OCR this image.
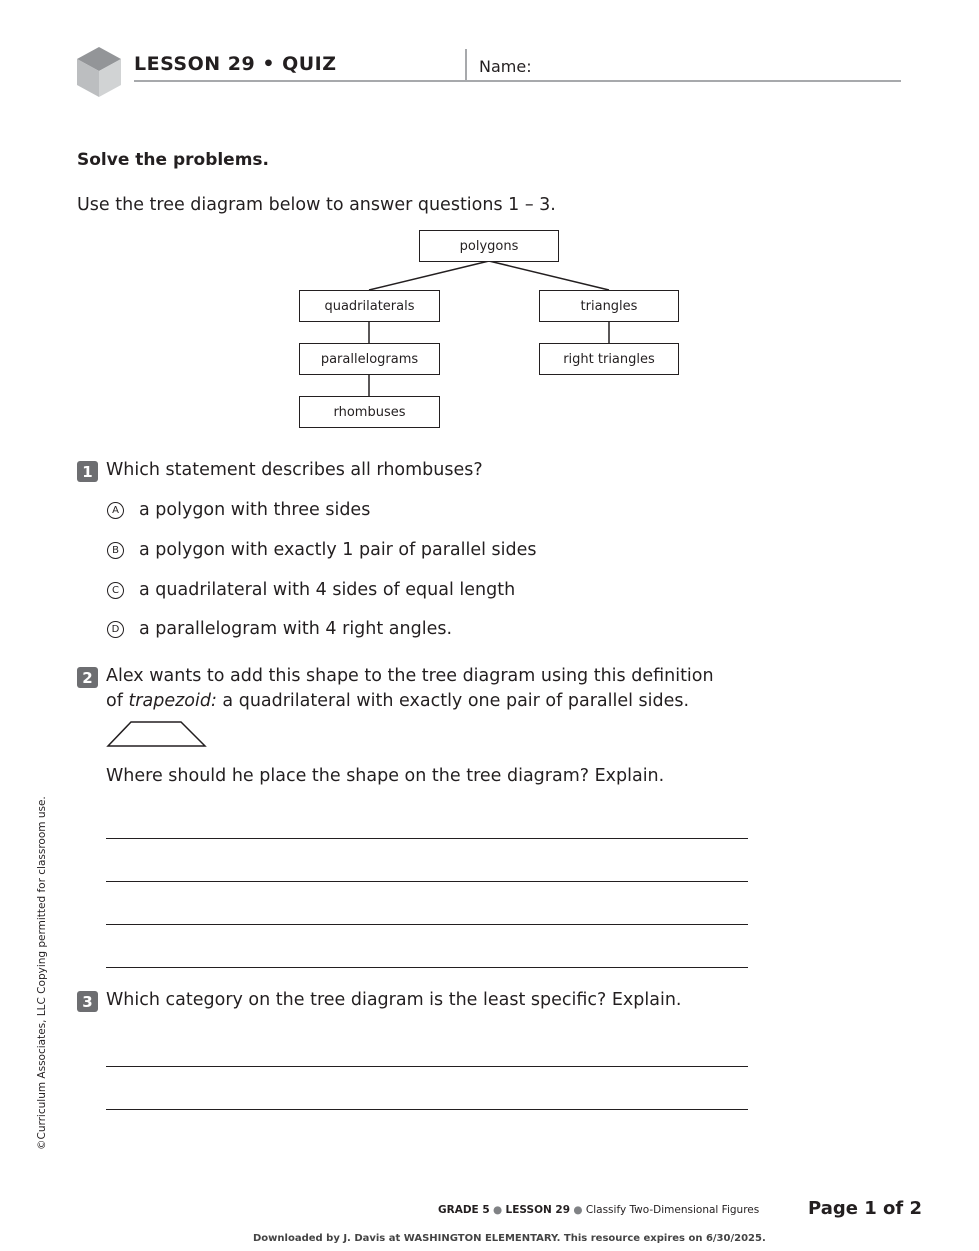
LESSON 29 • QUIZ	Name:
Solve the problems.
Use the tree diagram below to answer questions 1 – 3.
polygons
quadrilaterals	triangles
parallelograms	right triangles
rhombuses
1 Which statement describes all rhombuses?
A a polygon with three sides
B a polygon with exactly 1 pair of parallel sides
C a quadrilateral with 4 sides of equal length
D a parallelogram with 4 right angles.
2 Alex wants to add this shape to the tree diagram using this definition
of trapezoid: a quadrilateral with exactly one pair of parallel sides.
Where should he place the shape on the tree diagram? Explain.
3 Which category on the tree diagram is the least specific? Explain.
©Curriculum Associates, LLC Copying permitted for classroom use.
GRADE 5 ● LESSON 29 ● Classify Two-Dimensional Figures	Page 1 of 2
Downloaded by J. Davis at WASHINGTON ELEMENTARY. This resource expires on 6/30/2025.
